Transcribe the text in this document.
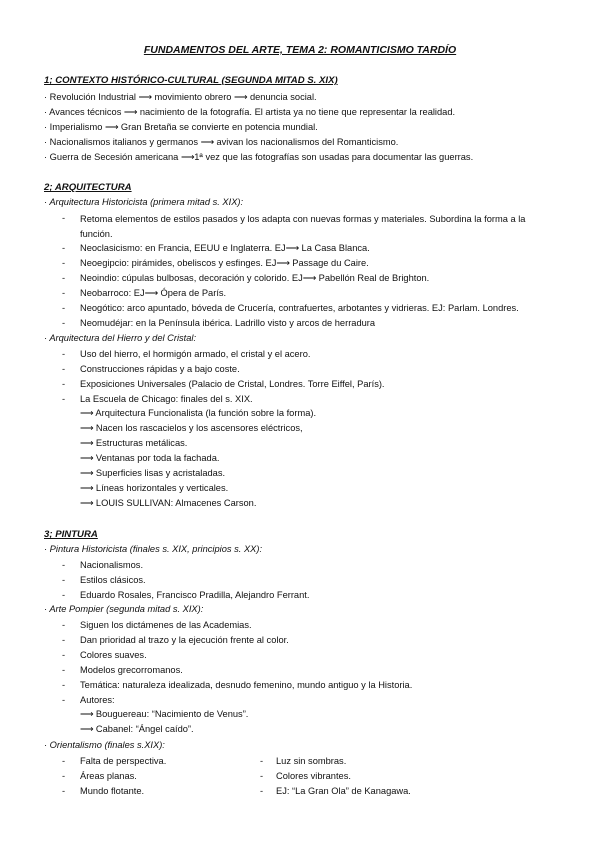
FUNDAMENTOS DEL ARTE, TEMA 2: ROMANTICISMO TARDÍO
1; CONTEXTO HISTÓRICO-CULTURAL (SEGUNDA MITAD S. XIX)
· Revolución Industrial ⟶ movimiento obrero ⟶ denuncia social.
· Avances técnicos ⟶ nacimiento de la fotografía. El artista ya no tiene que representar la realidad.
· Imperialismo ⟶ Gran Bretaña se convierte en potencia mundial.
· Nacionalismos italianos y germanos ⟶ avivan los nacionalismos del Romanticismo.
· Guerra de Secesión americana ⟶1ª vez que las fotografías son usadas para documentar las guerras.
2; ARQUITECTURA
· Arquitectura Historicista (primera mitad s. XIX):
- Retoma elementos de estilos pasados y los adapta con nuevas formas y materiales. Subordina la forma a la función.
- Neoclasicismo: en Francia, EEUU e Inglaterra. EJ⟶ La Casa Blanca.
- Neoegipcio: pirámides, obeliscos y esfinges. EJ⟶ Passage du Caire.
- Neoindio: cúpulas bulbosas, decoración y colorido. EJ⟶ Pabellón Real de Brighton.
- Neobarroco: EJ⟶ Ópera de París.
- Neogótico: arco apuntado, bóveda de Crucería, contrafuertes, arbotantes y vidrieras. EJ: Parlam. Londres.
- Neomudéjar: en la Península ibérica. Ladrillo visto y arcos de herradura
· Arquitectura del Hierro y del Cristal:
- Uso del hierro, el hormigón armado, el cristal y el acero.
- Construcciones rápidas y a bajo coste.
- Exposiciones Universales (Palacio de Cristal, Londres. Torre Eiffel, París).
- La Escuela de Chicago: finales del s. XIX.
⟶ Arquitectura Funcionalista (la función sobre la forma).
⟶ Nacen los rascacielos y los ascensores eléctricos,
⟶ Estructuras metálicas.
⟶ Ventanas por toda la fachada.
⟶ Superficies lisas y acristaladas.
⟶ Líneas horizontales y verticales.
⟶ LOUIS SULLIVAN: Almacenes Carson.
3; PINTURA
· Pintura Historicista (finales s. XIX, principios s. XX):
- Nacionalismos.
- Estilos clásicos.
- Eduardo Rosales, Francisco Pradilla, Alejandro Ferrant.
· Arte Pompier (segunda mitad s. XIX):
- Siguen los dictámenes de las Academias.
- Dan prioridad al trazo y la ejecución frente al color.
- Colores suaves.
- Modelos grecorromanos.
- Temática: naturaleza idealizada, desnudo femenino, mundo antiguo y la Historia.
- Autores:
⟶ Bouguereau: “Nacimiento de Venus”.
⟶ Cabanel: “Ángel caído”.
· Orientalismo (finales s.XIX):
- Falta de perspectiva.
- Áreas planas.
- Mundo flotante.
- Luz sin sombras.
- Colores vibrantes.
- EJ: “La Gran Ola” de Kanagawa.
